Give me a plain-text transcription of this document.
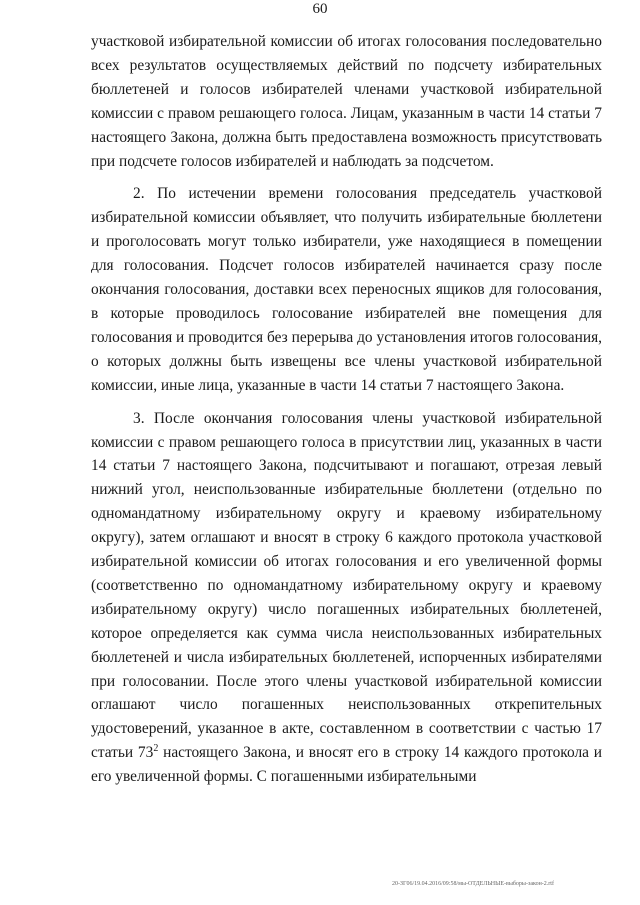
60

участковой избирательной комиссии об итогах голосования последовательно всех результатов осуществляемых действий по подсчету избирательных бюллетеней и голосов избирателей членами участковой избирательной комиссии с правом решающего голоса. Лицам, указанным в части 14 статьи 7 настоящего Закона, должна быть предоставлена возможность присутствовать при подсчете голосов избирателей и наблюдать за подсчетом.

2. По истечении времени голосования председатель участковой избирательной комиссии объявляет, что получить избирательные бюллетени и проголосовать могут только избиратели, уже находящиеся в помещении для голосования. Подсчет голосов избирателей начинается сразу после окончания голосования, доставки всех переносных ящиков для голосования, в которые проводилось голосование избирателей вне помещения для голосования и проводится без перерыва до установления итогов голосования, о которых должны быть извещены все члены участковой избирательной комиссии, иные лица, указанные в части 14 статьи 7 настоящего Закона.

3. После окончания голосования члены участковой избирательной комиссии с правом решающего голоса в присутствии лиц, указанных в части 14 статьи 7 настоящего Закона, подсчитывают и погашают, отрезая левый нижний угол, неиспользованные избирательные бюллетени (отдельно по одномандатному избирательному округу и краевому избирательному округу), затем оглашают и вносят в строку 6 каждого протокола участковой избирательной комиссии об итогах голосования и его увеличенной формы (соответственно по одномандатному избирательному округу и краевому избирательному округу) число погашенных избирательных бюллетеней, которое определяется как сумма числа неиспользованных избирательных бюллетеней и числа избирательных бюллетеней, испорченных избирателями при голосовании. После этого члены участковой избирательной комиссии оглашают число погашенных неиспользованных открепительных удостоверений, указанное в акте, составленном в соответствии с частью 17 статьи $73^2$ настоящего Закона, и вносят его в строку 14 каждого протокола и его увеличенной формы. С погашенными избирательными

20-ЗГ06/19.04.2016/09:58/мы-ОТДЕЛЬНЫЕ-выборы-закон-2.rtf
